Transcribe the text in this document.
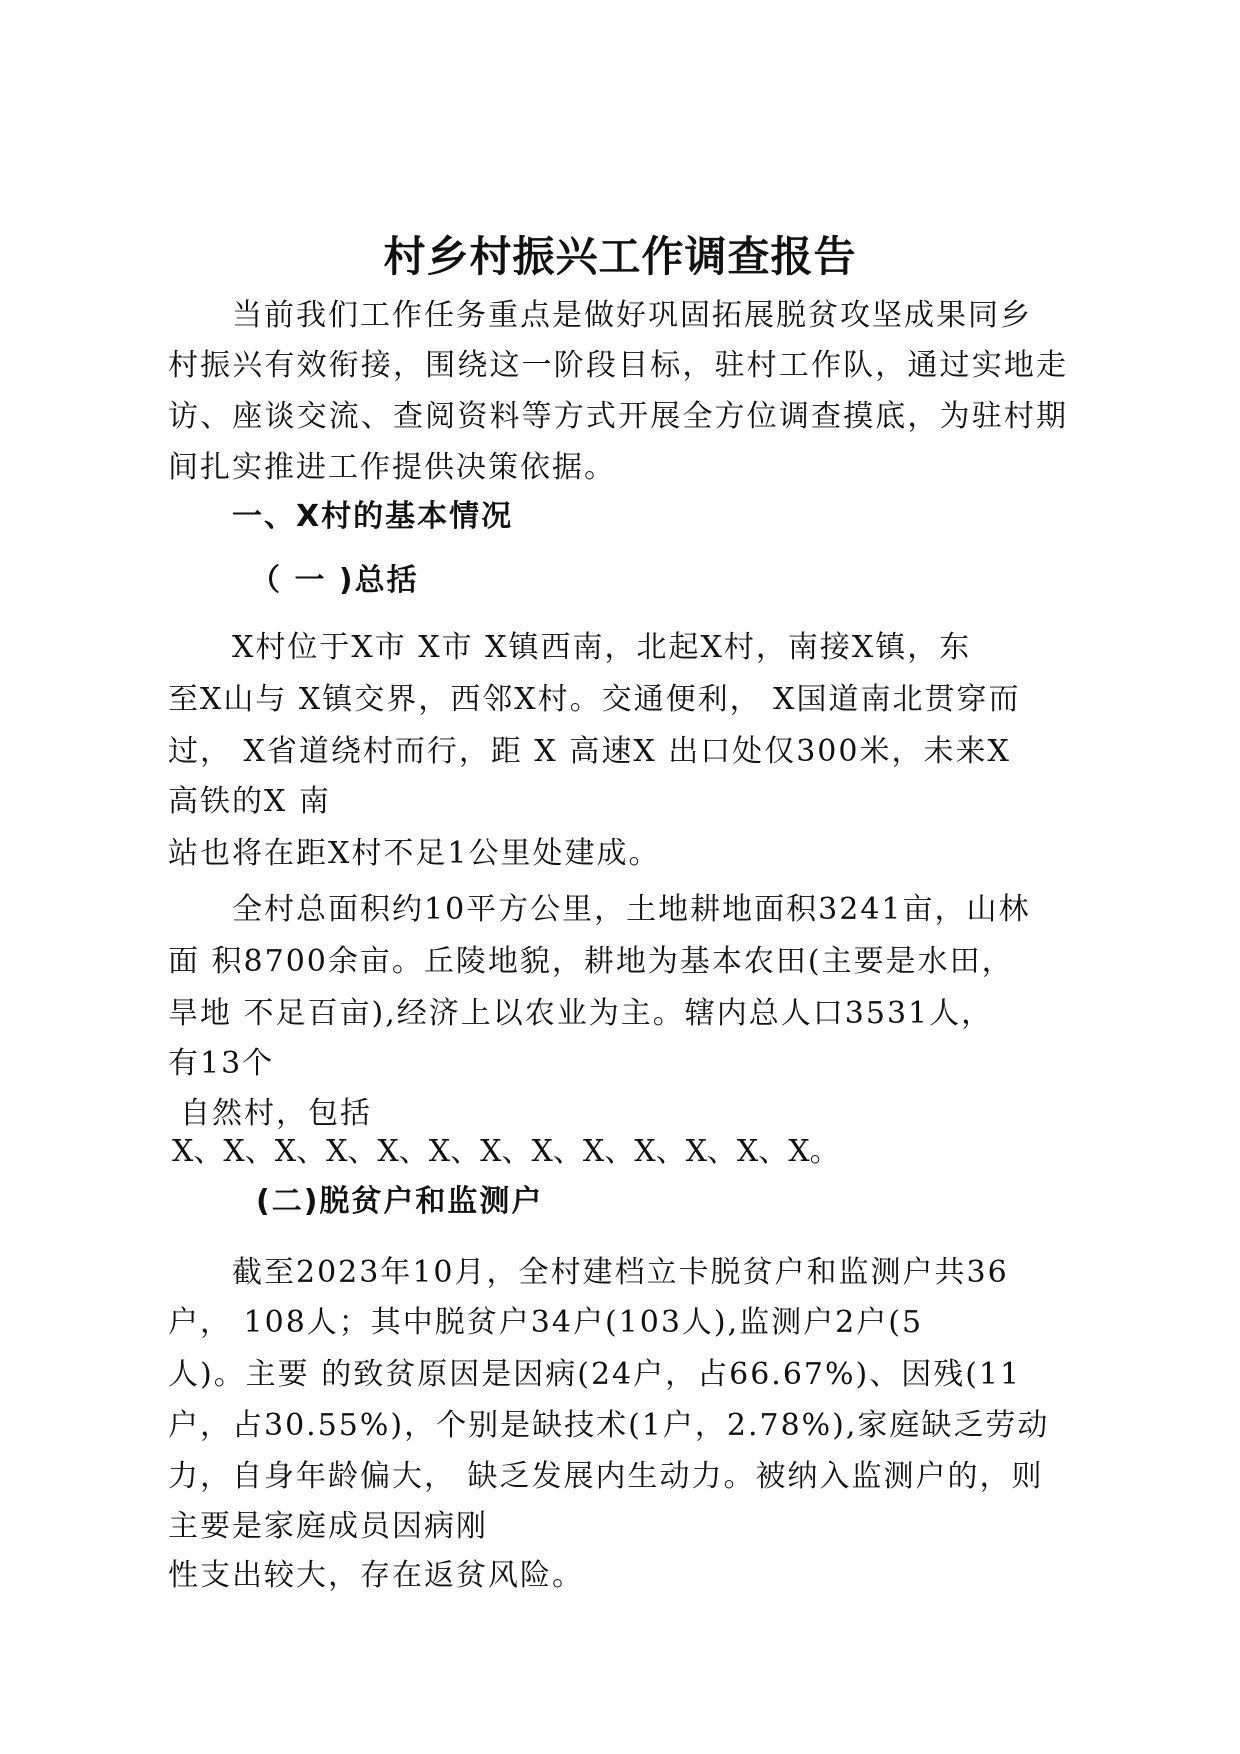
村乡村振兴工作调查报告
当前我们工作任务重点是做好巩固拓展脱贫攻坚成果同乡
村振兴有效衔接，围绕这一阶段目标，驻村工作队，通过实地走
访、座谈交流、查阅资料等方式开展全方位调查摸底，为驻村期
间扎实推进工作提供决策依据。
一、X村的基本情况
（ 一 )总括
X村位于X市 X市 X镇西南，北起X村，南接X镇，东
至X山与 X镇交界，西邻X村。交通便利， X国道南北贯穿而
过， X省道绕村而行，距 X 高速X 出口处仅300米，未来X
高铁的X 南
站也将在距X村不足1公里处建成。
全村总面积约10平方公里，土地耕地面积3241亩，山林
面 积8700余亩。丘陵地貌，耕地为基本农田(主要是水田，
旱地 不足百亩),经济上以农业为主。辖内总人口3531人，
有13个
自然村，包括
X、X、X、X、X、X、X、X、X、X、X、X、X。
(二)脱贫户和监测户
截至2023年10月，全村建档立卡脱贫户和监测户共36
户， 108人；其中脱贫户34户(103人),监测户2户(5
人)。主要 的致贫原因是因病(24户，占66.67%)、因残(11
户，占30.55%)，个别是缺技术(1户，2.78%),家庭缺乏劳动
力，自身年龄偏大， 缺乏发展内生动力。被纳入监测户的，则
主要是家庭成员因病刚
性支出较大，存在返贫风险。
